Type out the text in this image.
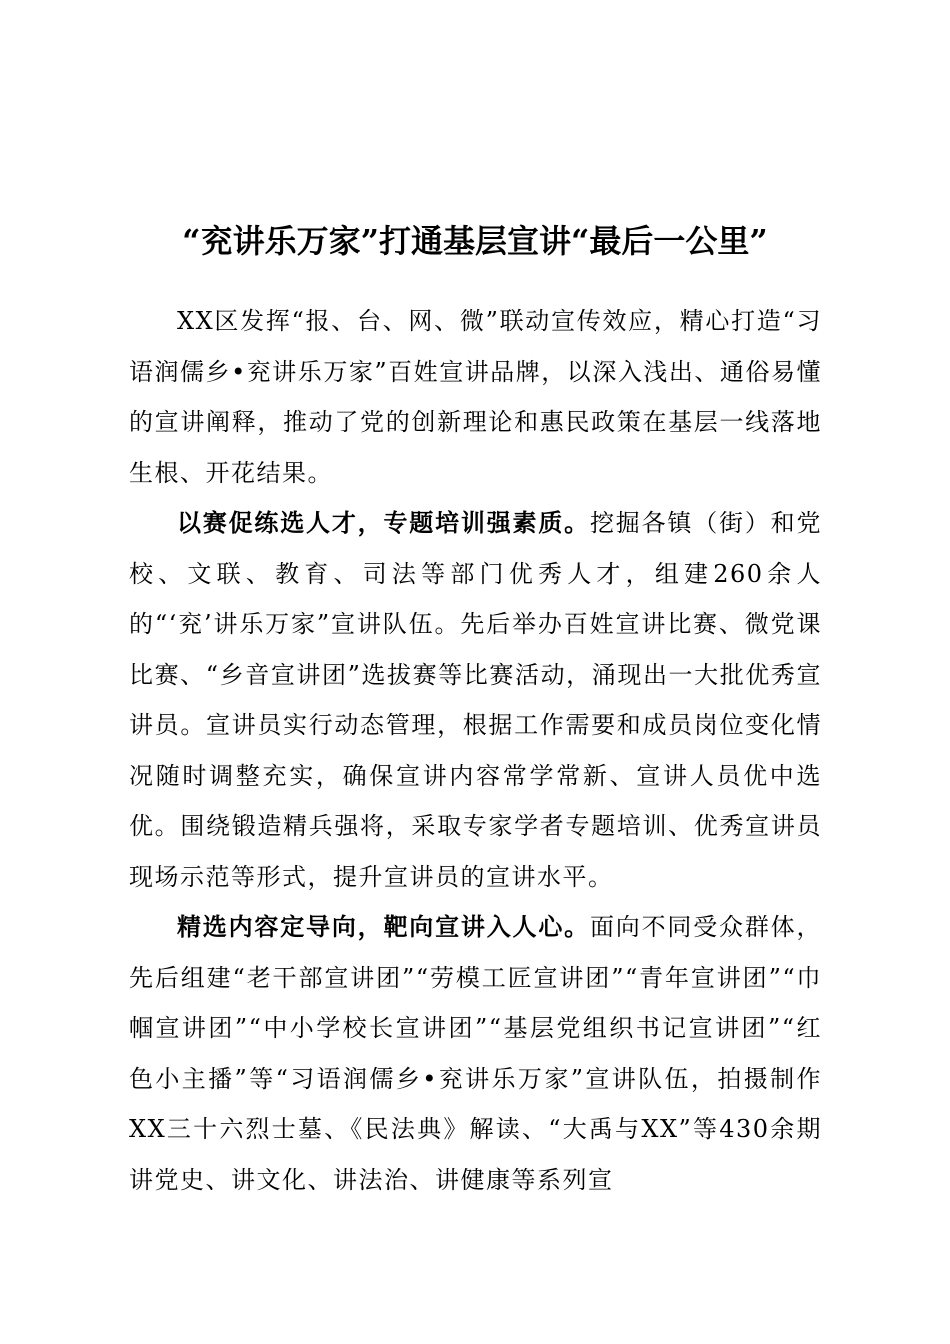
“兖讲乐万家”打通基层宣讲“最后一公里”

XX区发挥“报、台、网、微”联动宣传效应，精心打造“习语润儒乡•兖讲乐万家”百姓宣讲品牌，以深入浅出、通俗易懂的宣讲阐释，推动了党的创新理论和惠民政策在基层一线落地生根、开花结果。

以赛促练选人才，专题培训强素质。挖掘各镇（街）和党校、文联、教育、司法等部门优秀人才，组建260余人的“‘兖’讲乐万家”宣讲队伍。先后举办百姓宣讲比赛、微党课比赛、“乡音宣讲团”选拔赛等比赛活动，涌现出一大批优秀宣讲员。宣讲员实行动态管理，根据工作需要和成员岗位变化情况随时调整充实，确保宣讲内容常学常新、宣讲人员优中选优。围绕锻造精兵强将，采取专家学者专题培训、优秀宣讲员现场示范等形式，提升宣讲员的宣讲水平。

精选内容定导向，靶向宣讲入人心。面向不同受众群体，先后组建“老干部宣讲团”“劳模工匠宣讲团”“青年宣讲团”“巾帼宣讲团”“中小学校长宣讲团”“基层党组织书记宣讲团”“红色小主播”等“习语润儒乡•兖讲乐万家”宣讲队伍，拍摄制作XX三十六烈士墓、《民法典》解读、“大禹与XX”等430余期讲党史、讲文化、讲法治、讲健康等系列宣
